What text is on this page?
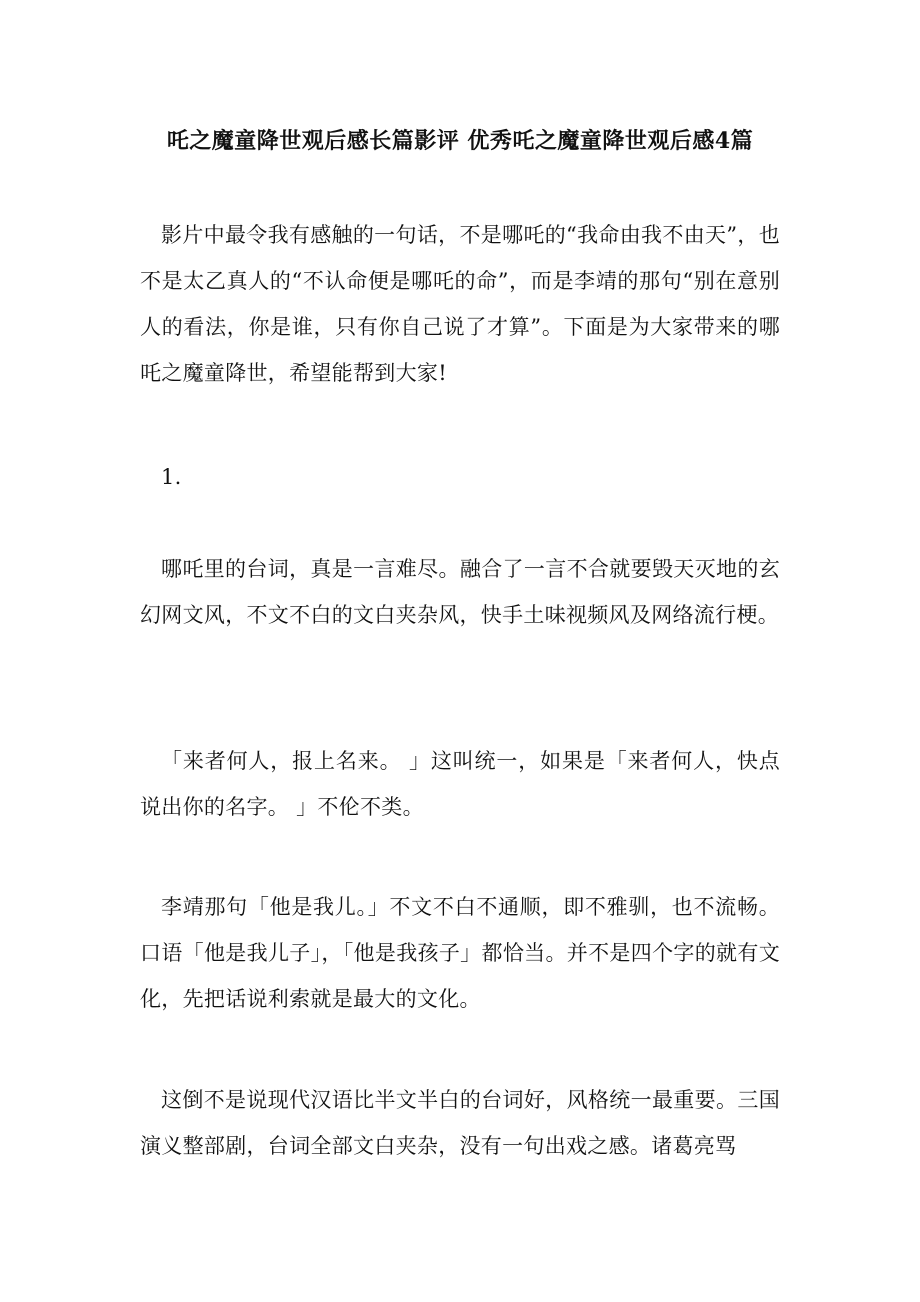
吒之魔童降世观后感长篇影评 优秀吒之魔童降世观后感4篇

影片中最令我有感触的一句话，不是哪吒的“我命由我不由天”，也不是太乙真人的“不认命便是哪吒的命”，而是李靖的那句“别在意别人的看法，你是谁，只有你自己说了才算”。下面是为大家带来的哪吒之魔童降世，希望能帮到大家!

1.

哪吒里的台词，真是一言难尽。融合了一言不合就要毁天灭地的玄幻网文风，不文不白的文白夹杂风，快手土味视频风及网络流行梗。

「来者何人，报上名来。 」这叫统一，如果是「来者何人，快点说出你的名字。 」不伦不类。

李靖那句「他是我儿。」不文不白不通顺，即不雅驯，也不流畅。口语「他是我儿子」，「他是我孩子」都恰当。并不是四个字的就有文化，先把话说利索就是最大的文化。

这倒不是说现代汉语比半文半白的台词好，风格统一最重要。三国演义整部剧，台词全部文白夹杂，没有一句出戏之感。诸葛亮骂
